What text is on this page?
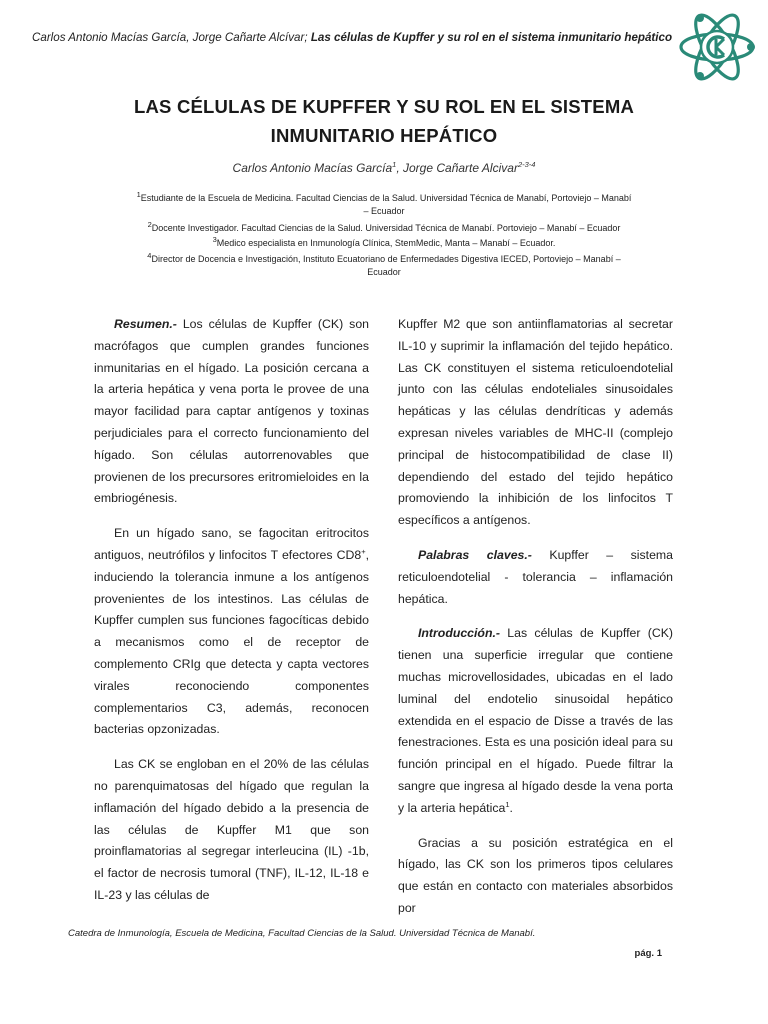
Carlos Antonio Macías García, Jorge Cañarte Alcívar; Las células de Kupffer y su rol en el sistema inmunitario hepático
LAS CÉLULAS DE KUPFFER Y SU ROL EN EL SISTEMA
INMUNITARIO HEPÁTICO
Carlos Antonio Macías García$^1$, Jorge Cañarte Alcivar$^{2-3-4}$
$^1$Estudiante de la Escuela de Medicina. Facultad Ciencias de la Salud. Universidad Técnica de Manabí, Portoviejo – Manabí
– Ecuador
$^2$Docente Investigador. Facultad Ciencias de la Salud. Universidad Técnica de Manabí. Portoviejo – Manabí – Ecuador
$^3$Medico especialista en Inmunología Clínica, StemMedic, Manta – Manabí – Ecuador.
$^4$Director de Docencia e Investigación, Instituto Ecuatoriano de Enfermedades Digestiva IECED, Portoviejo – Manabí –
Ecuador

Resumen.- Los células de Kupffer (CK) son macrófagos que cumplen grandes funciones inmunitarias en el hígado. La posición cercana a la arteria hepática y vena porta le provee de una mayor facilidad para captar antígenos y toxinas perjudiciales para el correcto funcionamiento del hígado. Son células autorrenovables que provienen de los precursores eritromieloides en la embriogénesis.

En un hígado sano, se fagocitan eritrocitos antiguos, neutrófilos y linfocitos T efectores CD8+, induciendo la tolerancia inmune a los antígenos provenientes de los intestinos. Las células de Kupffer cumplen sus funciones fagocíticas debido a mecanismos como el de receptor de complemento CRIg que detecta y capta vectores virales reconociendo componentes complementarios C3, además, reconocen bacterias opzonizadas.

Las CK se engloban en el 20% de las células no parenquimatosas del hígado que regulan la inflamación del hígado debido a la presencia de las células de Kupffer M1 que son proinflamatorias al segregar interleucina (IL) -1b, el factor de necrosis tumoral (TNF), IL-12, IL-18 e IL-23 y las células de

Kupffer M2 que son antiinflamatorias al secretar IL-10 y suprimir la inflamación del tejido hepático. Las CK constituyen el sistema reticuloendotelial junto con las células endoteliales sinusoidales hepáticas y las células dendríticas y además expresan niveles variables de MHC-II (complejo principal de histocompatibilidad de clase II) dependiendo del estado del tejido hepático promoviendo la inhibición de los linfocitos T específicos a antígenos.

Palabras claves.- Kupffer – sistema reticuloendotelial - tolerancia – inflamación hepática.

Introducción.- Las células de Kupffer (CK) tienen una superficie irregular que contiene muchas microvellosidades, ubicadas en el lado luminal del endotelio sinusoidal hepático extendida en el espacio de Disse a través de las fenestraciones. Esta es una posición ideal para su función principal en el hígado. Puede filtrar la sangre que ingresa al hígado desde la vena porta y la arteria hepática$^1$.

Gracias a su posición estratégica en el hígado, las CK son los primeros tipos celulares que están en contacto con materiales absorbidos por

Catedra de Inmunología, Escuela de Medicina, Facultad Ciencias de la Salud. Universidad Técnica de Manabí.
pág. 1
